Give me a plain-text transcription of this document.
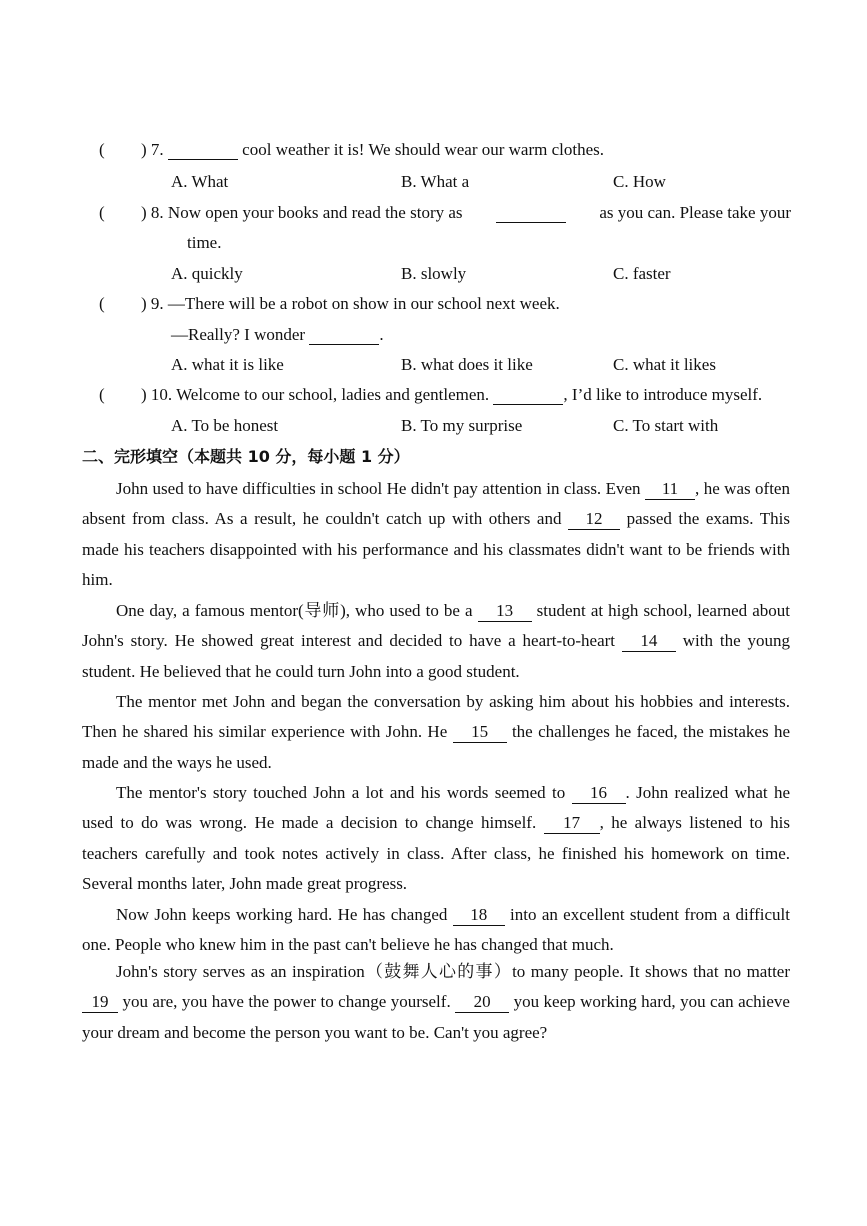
( ) 7.	cool weather it is! We should wear our warm clothes.
A. What	B. What a	C. How
( ) 8. Now open your books and read the story as
	as you can. Please take your
time.
A. quickly	B. slowly	C. faster
( ) 9. —There will be a robot on show in our school next week.
—Really? I wonder	.
A. what it is like	B. what does it like	C. what it likes
( ) 10. Welcome to our school, ladies and gentlemen.	, I’d like to introduce myself.
A. To be honest	B. To my surprise	C. To start with
二、完形填空（本题共 10 分，每小题 1 分）
John used to have difficulties in school He didn't pay attention in class. Even 11 , he was often absent from class. As a result, he couldn't catch up with others and 12 passed the exams. This made his teachers disappointed with his performance and his classmates didn't want to be friends with him.
One day, a famous mentor(导师), who used to be a 13 student at high school, learned about John's story. He showed great interest and decided to have a heart-to-heart 14 with the young student. He believed that he could turn John into a good student.
The mentor met John and began the conversation by asking him about his hobbies and interests. Then he shared his similar experience with John. He 15 the challenges he faced, the mistakes he made and the ways he used.
The mentor's story touched John a lot and his words seemed to 16 . John realized what he used to do was wrong. He made a decision to change himself. 17 , he always listened to his teachers carefully and took notes actively in class. After class, he finished his homework on time. Several months later, John made great progress.
Now John keeps working hard. He has changed 18 into an excellent student from a difficult one. People who knew him in the past can't believe he has changed that much.
John's story serves as an inspiration（鼓舞人心的事）to many people. It shows that no matter 19 you are, you have the power to change yourself. 20 you keep working hard, you can achieve your dream and become the person you want to be. Can't you agree?
